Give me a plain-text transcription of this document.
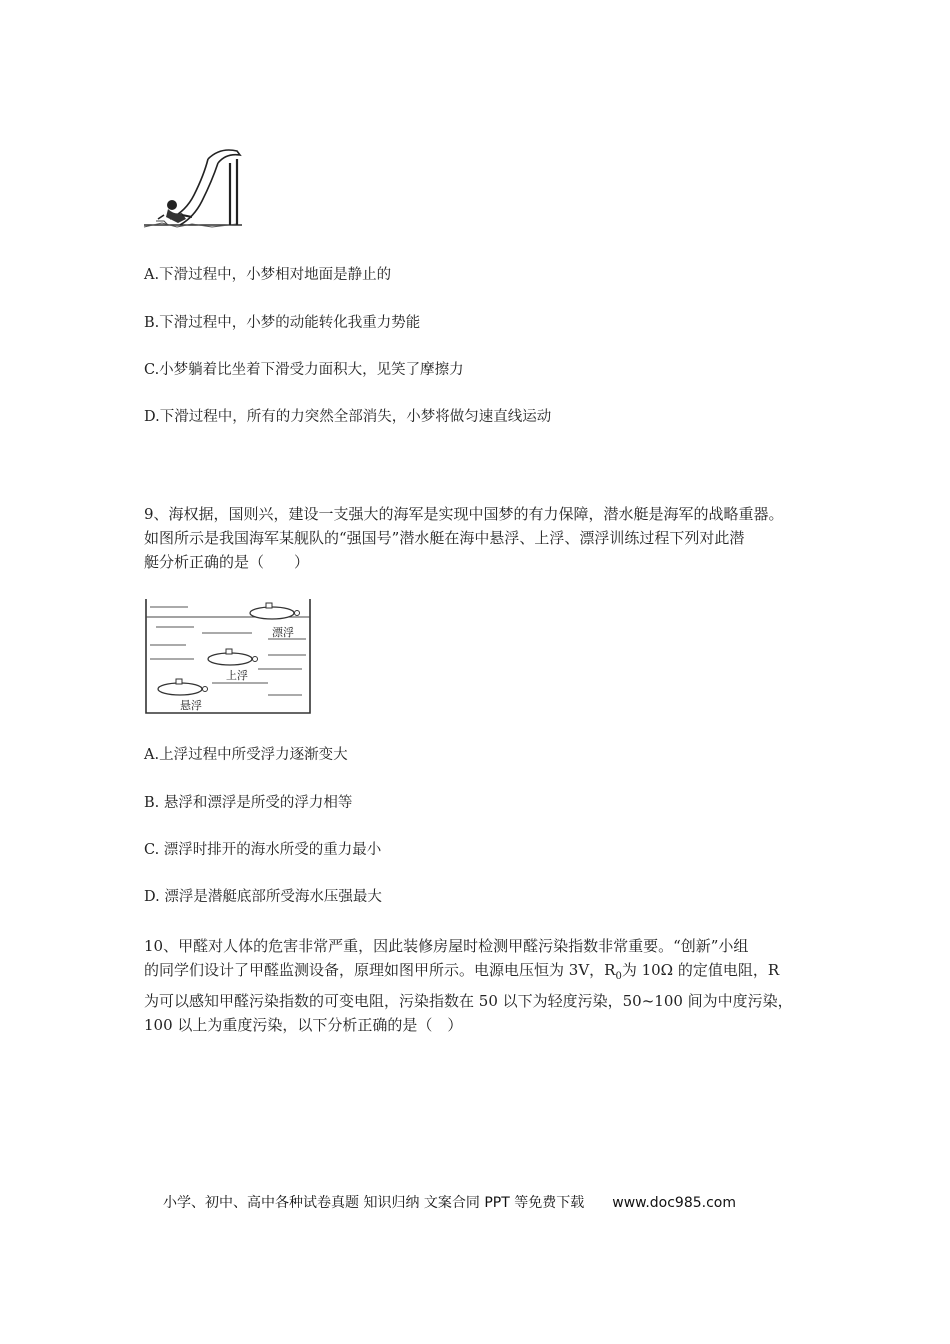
A.下滑过程中，小梦相对地面是静止的
B.下滑过程中，小梦的动能转化我重力势能
C.小梦躺着比坐着下滑受力面积大，见笑了摩擦力
D.下滑过程中，所有的力突然全部消失，小梦将做匀速直线运动
9、海权据，国则兴，建设一支强大的海军是实现中国梦的有力保障，潜水艇是海军的战略重器。
如图所示是我国海军某舰队的“强国号”潜水艇在海中悬浮、上浮、漂浮训练过程下列对此潜
艇分析正确的是（　　）
漂浮
上浮
悬浮
A.上浮过程中所受浮力逐渐变大
B. 悬浮和漂浮是所受的浮力相等
C. 漂浮时排开的海水所受的重力最小
D. 漂浮是潜艇底部所受海水压强最大
10、甲醛对人体的危害非常严重，因此装修房屋时检测甲醛污染指数非常重要。“创新”小组
的同学们设计了甲醛监测设备，原理如图甲所示。电源电压恒为 3V，$R_0$为 10Ω 的定值电阻，R
为可以感知甲醛污染指数的可变电阻，污染指数在 50 以下为轻度污染，50~100 间为中度污染，
100 以上为重度污染，以下分析正确的是（　）
小学、初中、高中各种试卷真题 知识归纳 文案合同 PPT 等免费下载 www.doc985.com
